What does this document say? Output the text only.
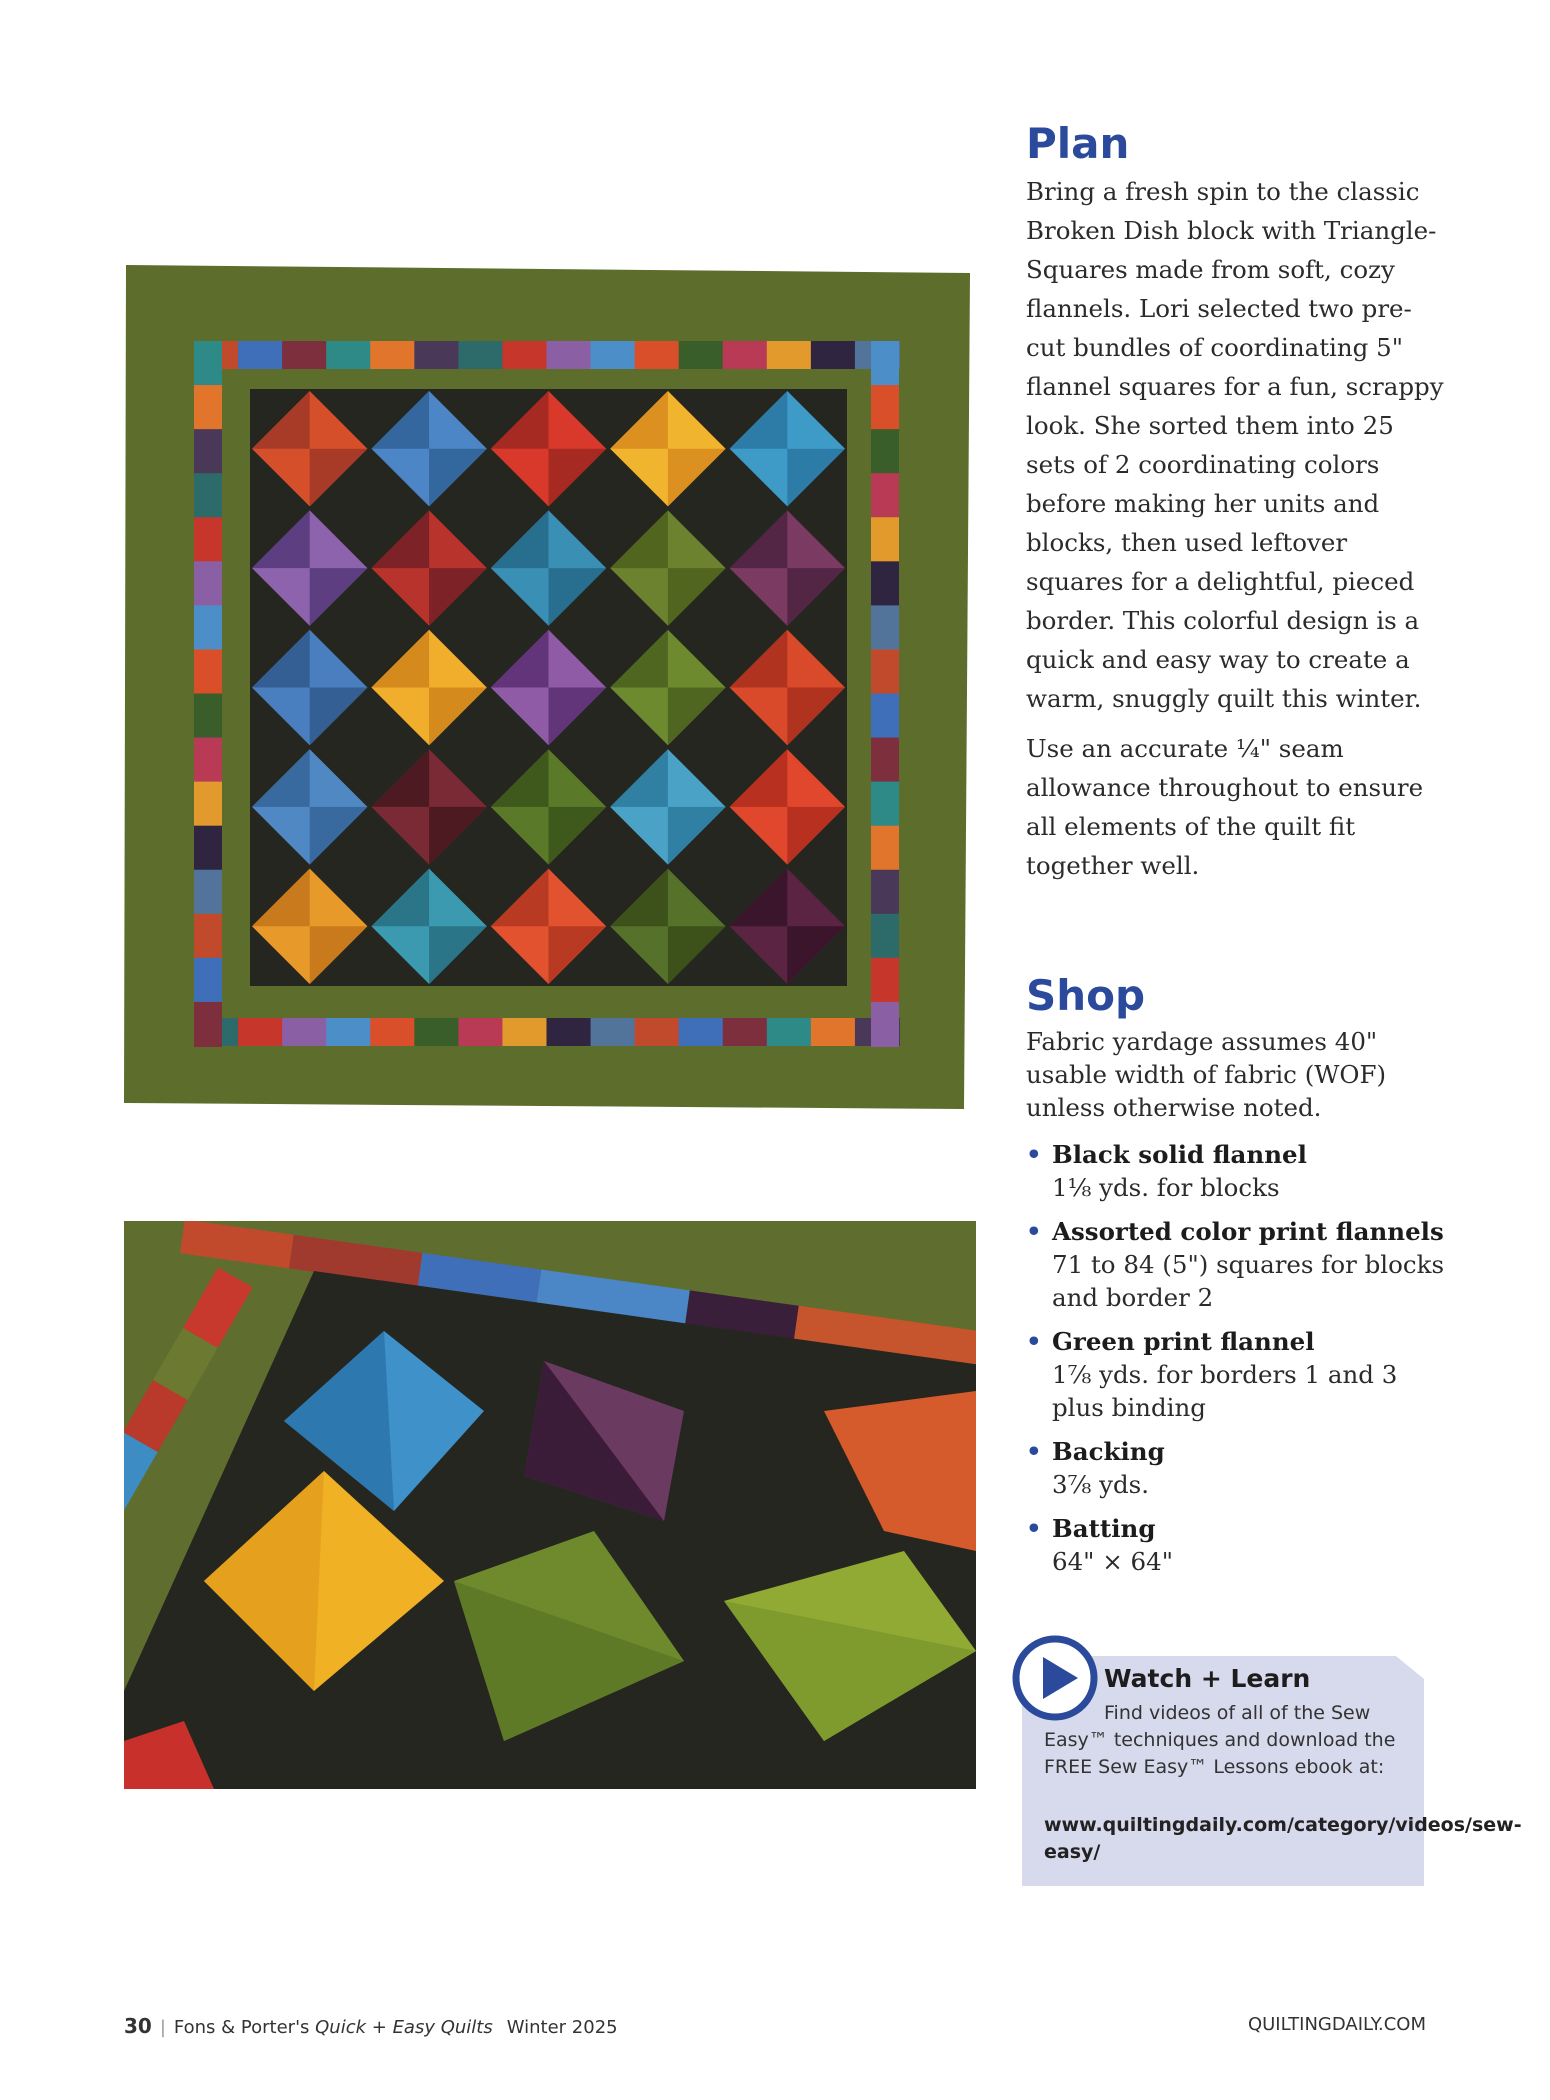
Plan

Bring a fresh spin to the classic Broken Dish block with Triangle-Squares made from soft, cozy flannels. Lori selected two pre-cut bundles of coordinating 5" flannel squares for a fun, scrappy look. She sorted them into 25 sets of 2 coordinating colors before making her units and blocks, then used leftover squares for a delightful, pieced border. This colorful design is a quick and easy way to create a warm, snuggly quilt this winter.

Use an accurate ¼" seam allowance throughout to ensure all elements of the quilt fit together well.

Shop
Fabric yardage assumes 40" usable width of fabric (WOF) unless otherwise noted.
• Black solid flannel
1⅛ yds. for blocks
• Assorted color print flannels
71 to 84 (5") squares for blocks and border 2
• Green print flannel
1⅞ yds. for borders 1 and 3 plus binding
• Backing
3⅞ yds.
• Batting
64" × 64"
Watch + Learn

Find videos of all of the Sew Easy™ techniques and download the FREE Sew Easy™ Lessons ebook at:

www.quiltingdaily.com/category/videos/sew-easy/

30 | Fons & Porter's Quick + Easy Quilts Winter 2025	QUILTINGDAILY.COM
